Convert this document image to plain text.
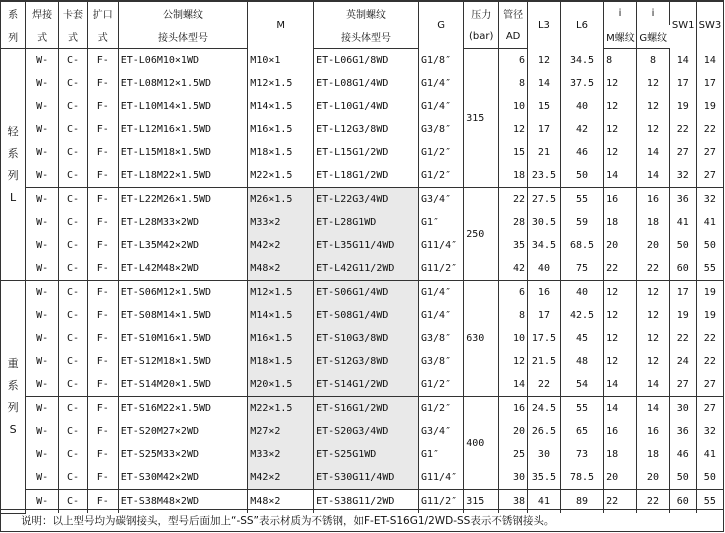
系	焊接	卡套	扩口	公制螺纹	M	英制螺纹	G	压力	管径	L3	L6	i	i	SW1	SW3
列	式	式	式	接头体型号		接头体型号		(bar)	AD			M螺纹	G螺纹		

轻
系
列
L	W-	C-	F-	ET-L06M10×1WD	M10×1	ET-L06G1/8WD	G1/8″	315	6	12	34.5	8	8	14	14
	W-	C-	F-	ET-L08M12×1.5WD	M12×1.5	ET-L08G1/4WD	G1/4″		8	14	37.5	12	12	17	17
	W-	C-	F-	ET-L10M14×1.5WD	M14×1.5	ET-L10G1/4WD	G1/4″		10	15	40	12	12	19	19
	W-	C-	F-	ET-L12M16×1.5WD	M16×1.5	ET-L12G3/8WD	G3/8″		12	17	42	12	12	22	22
	W-	C-	F-	ET-L15M18×1.5WD	M18×1.5	ET-L15G1/2WD	G1/2″		15	21	46	12	14	27	27
	W-	C-	F-	ET-L18M22×1.5WD	M22×1.5	ET-L18G1/2WD	G1/2″		18	23.5	50	14	14	32	27
	W-	C-	F-	ET-L22M26×1.5WD	M26×1.5	ET-L22G3/4WD	G3/4″	250	22	27.5	55	16	16	36	32
	W-	C-	F-	ET-L28M33×2WD	M33×2	ET-L28G1WD	G1″		28	30.5	59	18	18	41	41
	W-	C-	F-	ET-L35M42×2WD	M42×2	ET-L35G11/4WD	G11/4″		35	34.5	68.5	20	20	50	50
	W-	C-	F-	ET-L42M48×2WD	M48×2	ET-L42G11/2WD	G11/2″		42	40	75	22	22	60	55

重
系
列
S	W-	C-	F-	ET-S06M12×1.5WD	M12×1.5	ET-S06G1/4WD	G1/4″	630	6	16	40	12	12	17	19
	W-	C-	F-	ET-S08M14×1.5WD	M14×1.5	ET-S08G1/4WD	G1/4″		8	17	42.5	12	12	19	19
	W-	C-	F-	ET-S10M16×1.5WD	M16×1.5	ET-S10G3/8WD	G3/8″		10	17.5	45	12	12	22	22
	W-	C-	F-	ET-S12M18×1.5WD	M18×1.5	ET-S12G3/8WD	G3/8″		12	21.5	48	12	12	24	22
	W-	C-	F-	ET-S14M20×1.5WD	M20×1.5	ET-S14G1/2WD	G1/2″		14	22	54	14	14	27	27
	W-	C-	F-	ET-S16M22×1.5WD	M22×1.5	ET-S16G1/2WD	G1/2″	400	16	24.5	55	14	14	30	27
	W-	C-	F-	ET-S20M27×2WD	M27×2	ET-S20G3/4WD	G3/4″		20	26.5	65	16	16	36	32
	W-	C-	F-	ET-S25M33×2WD	M33×2	ET-S25G1WD	G1″		25	30	73	18	18	46	41
	W-	C-	F-	ET-S30M42×2WD	M42×2	ET-S30G11/4WD	G11/4″		30	35.5	78.5	20	20	50	50
	W-	C-	F-	ET-S38M48×2WD	M48×2	ET-S38G11/2WD	G11/2″	315	38	41	89	22	22	60	55
说明：以上型号均为碳钢接头，型号后面加上“-SS”表示材质为不锈钢，如F-ET-S16G1/2WD-SS表示不锈钢接头。
